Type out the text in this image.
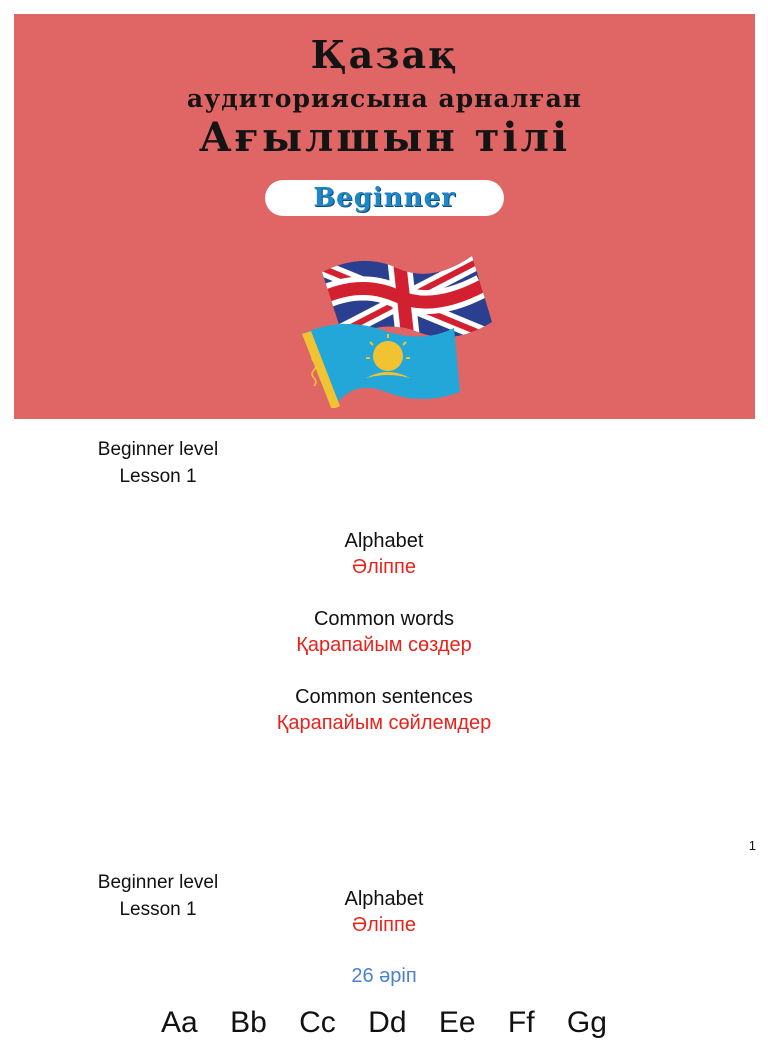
Қазақ
аудиториясына арналған
Ағылшын тілі
Beginner
Beginner level
Lesson 1
Alphabet
Әліппе
Common words
Қарапайым сөздер
Common sentences
Қарапайым сөйлемдер
1
Beginner level
Lesson 1	Alphabet
Әліппе
26 әріп
Aa Bb Cc Dd Ee Ff Gg
